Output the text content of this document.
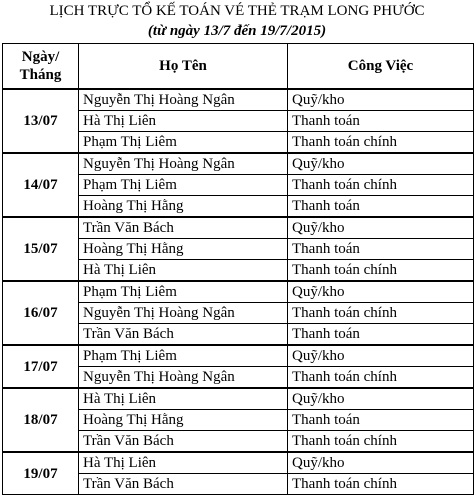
LỊCH TRỰC TỔ KẾ TOÁN VÉ THẺ TRẠM LONG PHƯỚC
(từ ngày 13/7 đến 19/7/2015)
Ngày/
Tháng	Họ Tên	Công Việc
13/07	Nguyễn Thị Hoàng Ngân	Quỹ/kho
	Hà Thị Liên	Thanh toán
	Phạm Thị Liêm	Thanh toán chính
14/07	Nguyễn Thị Hoàng Ngân	Quỹ/kho
	Phạm Thị Liêm	Thanh toán chính
	Hoàng Thị Hằng	Thanh toán
15/07	Trần Văn Bách	Quỹ/kho
	Hoàng Thị Hằng	Thanh toán
	Hà Thị Liên	Thanh toán chính
16/07	Phạm Thị Liêm	Quỹ/kho
	Nguyễn Thị Hoàng Ngân	Thanh toán chính
	Trần Văn Bách	Thanh toán
17/07	Phạm Thị Liêm	Quỹ/kho
	Nguyễn Thị Hoàng Ngân	Thanh toán chính
18/07	Hà Thị Liên	Quỹ/kho
	Hoàng Thị Hằng	Thanh toán
	Trần Văn Bách	Thanh toán chính
19/07	Hà Thị Liên	Quỹ/kho
	Trần Văn Bách	Thanh toán chính
